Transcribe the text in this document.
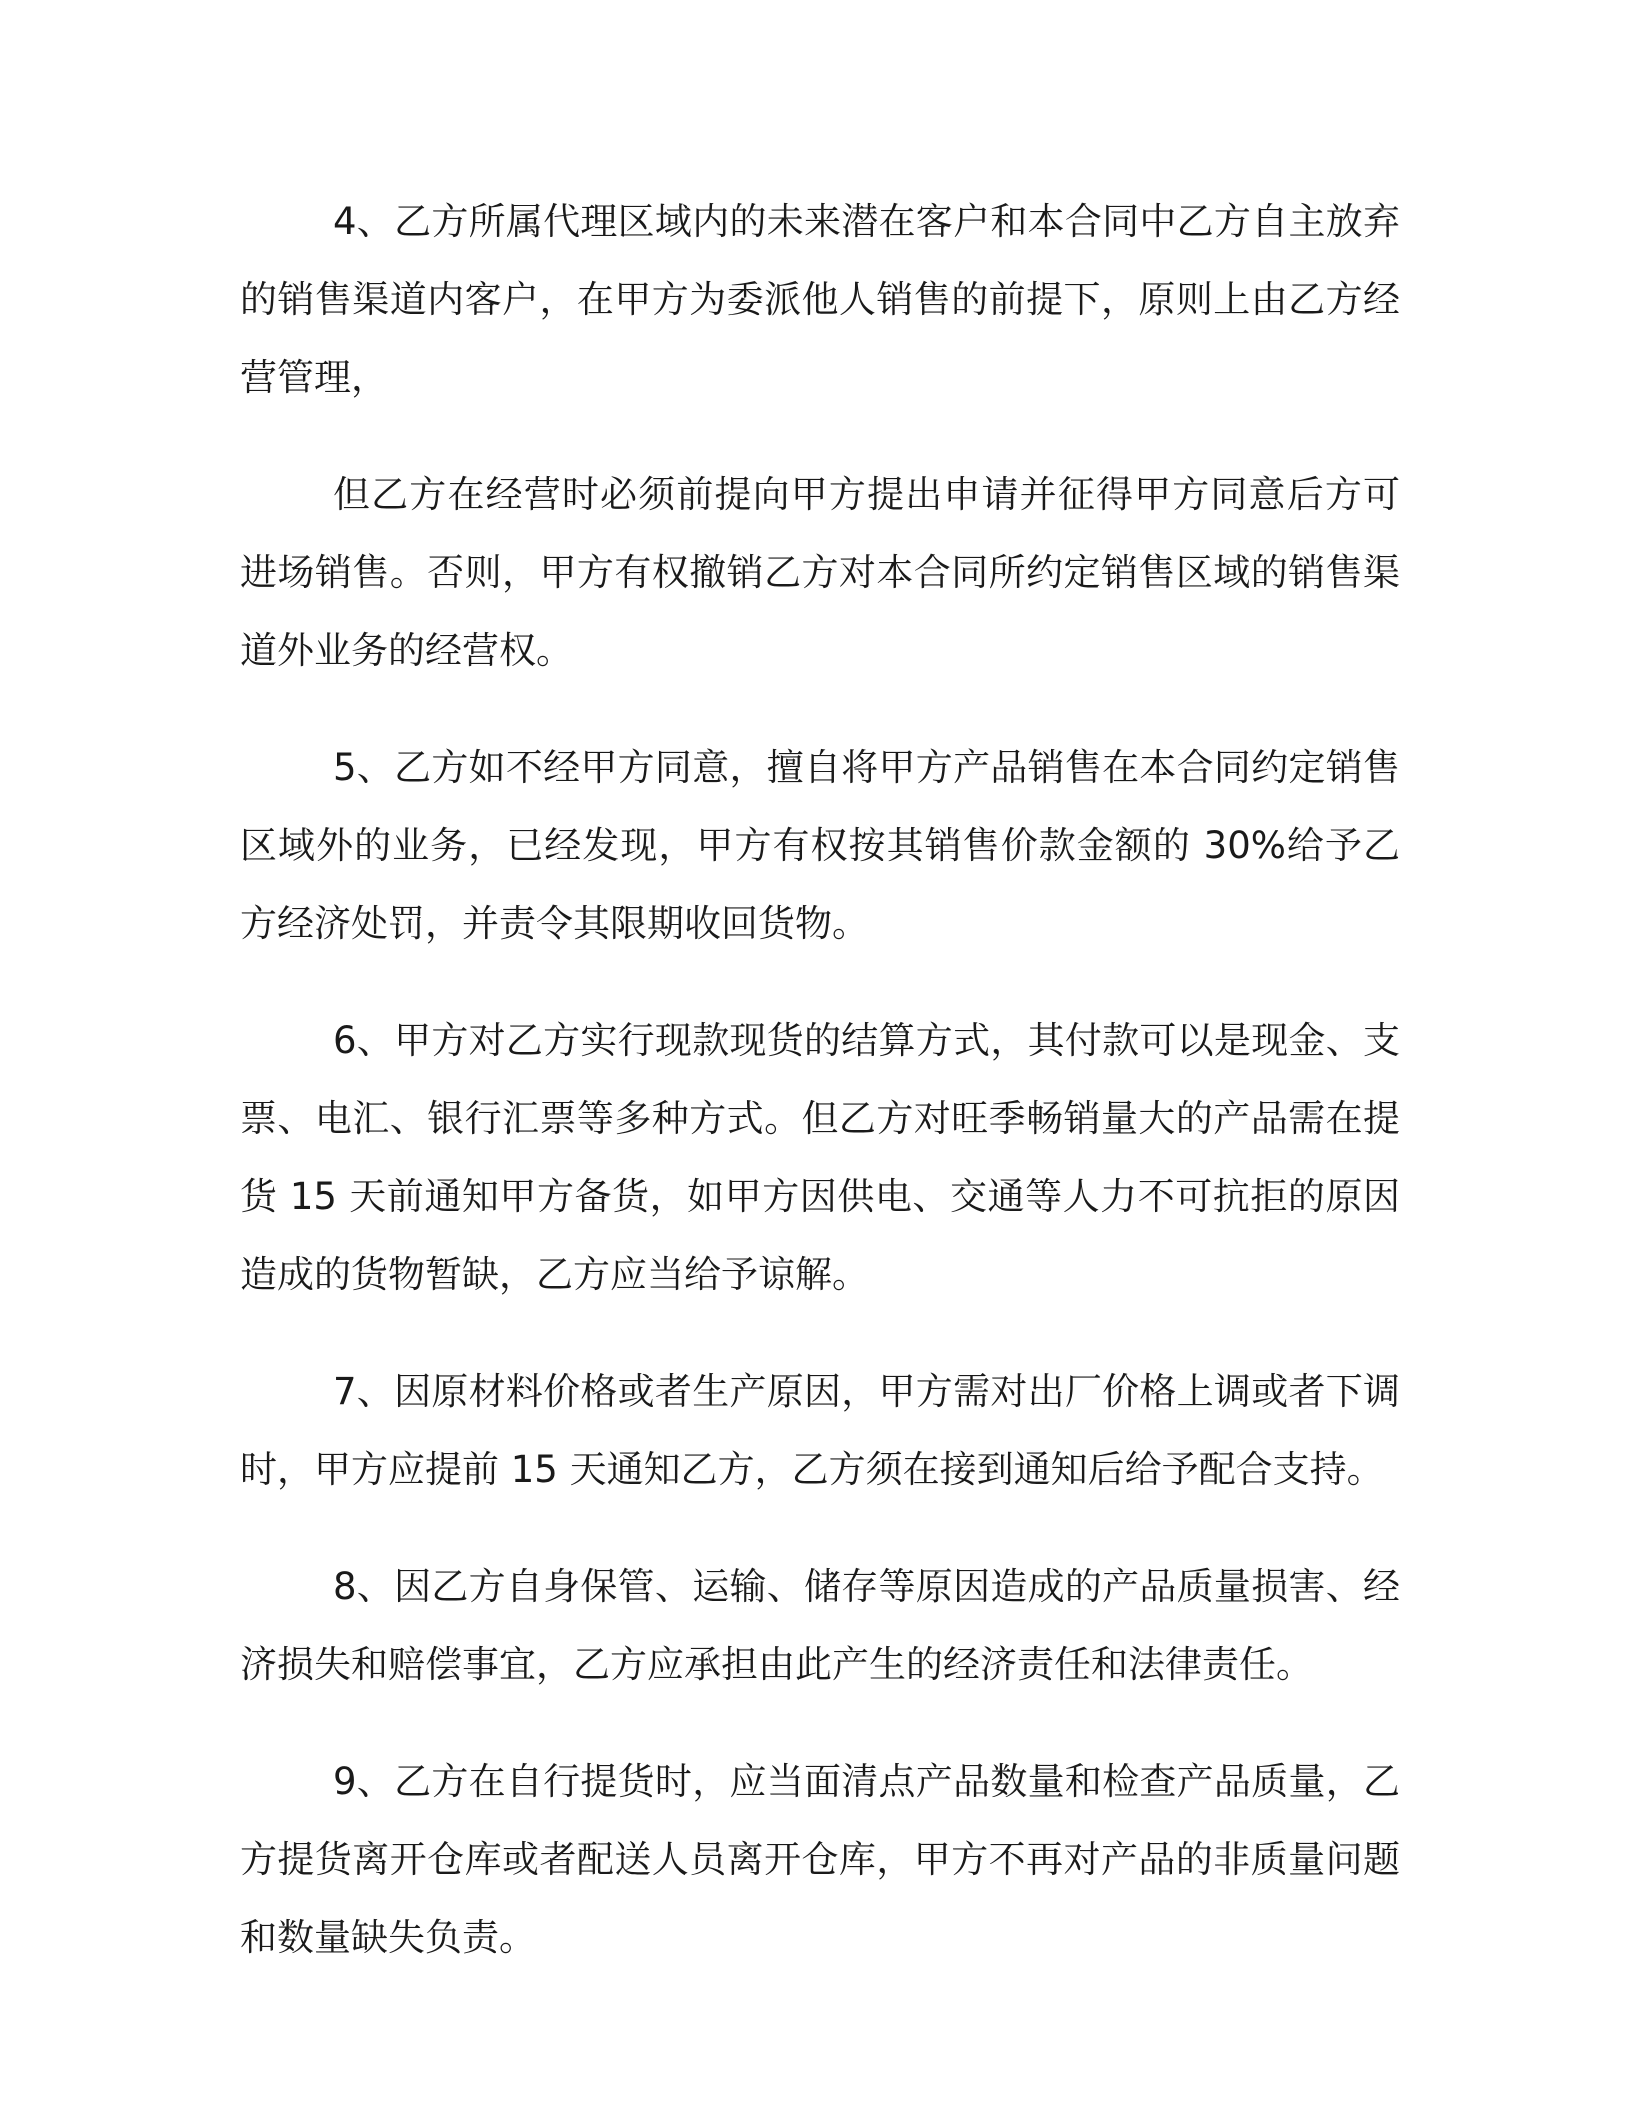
4、乙方所属代理区域内的未来潜在客户和本合同中乙方自主放弃的销售渠道内客户，在甲方为委派他人销售的前提下，原则上由乙方经营管理，

但乙方在经营时必须前提向甲方提出申请并征得甲方同意后方可进场销售。否则，甲方有权撤销乙方对本合同所约定销售区域的销售渠道外业务的经营权。

5、乙方如不经甲方同意，擅自将甲方产品销售在本合同约定销售区域外的业务，已经发现，甲方有权按其销售价款金额的 30%给予乙方经济处罚，并责令其限期收回货物。

6、甲方对乙方实行现款现货的结算方式，其付款可以是现金、支票、电汇、银行汇票等多种方式。但乙方对旺季畅销量大的产品需在提货 15 天前通知甲方备货，如甲方因供电、交通等人力不可抗拒的原因造成的货物暂缺，乙方应当给予谅解。

7、因原材料价格或者生产原因，甲方需对出厂价格上调或者下调时，甲方应提前 15 天通知乙方，乙方须在接到通知后给予配合支持。

8、因乙方自身保管、运输、储存等原因造成的产品质量损害、经济损失和赔偿事宜，乙方应承担由此产生的经济责任和法律责任。

9、乙方在自行提货时，应当面清点产品数量和检查产品质量，乙方提货离开仓库或者配送人员离开仓库，甲方不再对产品的非质量问题和数量缺失负责。
